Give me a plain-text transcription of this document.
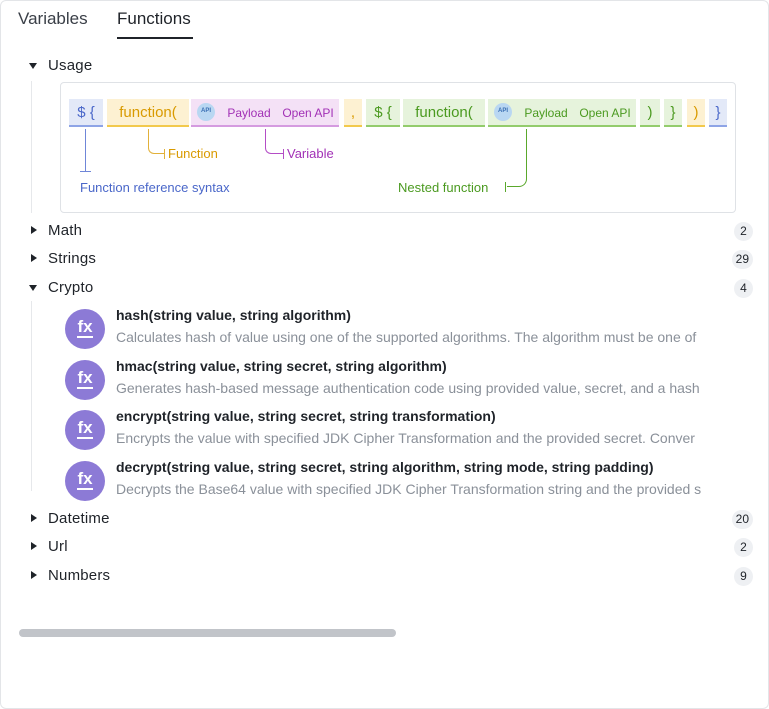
Variables Functions
Usage
$ {	function( API	Payload Open API	,	$ {	function( API	Payload Open API	)	}	)	}
Function	Variable
Function reference syntax	Nested function
Math	2
Strings	29
Crypto	4
fx
hash(string value, string algorithm)
Calculates hash of value using one of the supported algorithms. The algorithm must be one of
fx
hmac(string value, string secret, string algorithm)
Generates hash-based message authentication code using provided value, secret, and a hash
fx
encrypt(string value, string secret, string transformation)
Encrypts the value with specified JDK Cipher Transformation and the provided secret. Conver
fx
decrypt(string value, string secret, string algorithm, string mode, string padding)
Decrypts the Base64 value with specified JDK Cipher Transformation string and the provided s
Datetime	20
Url	2
Numbers	9
